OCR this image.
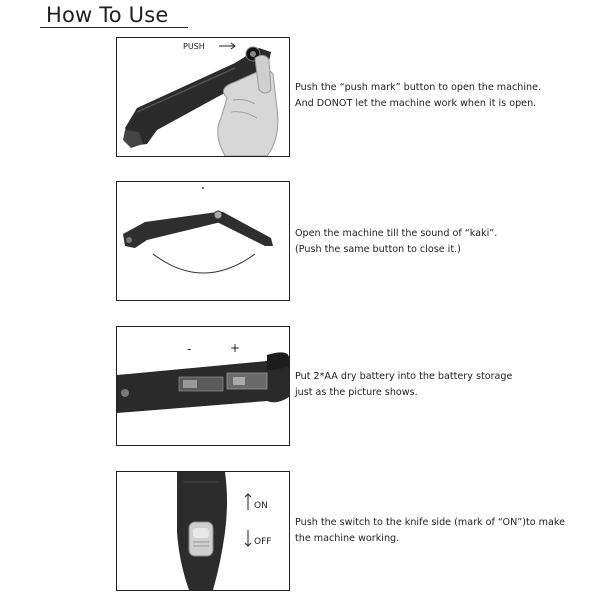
How To Use
PUSH
Push the “push mark” button to open the machine.
And DONOT let the machine work when it is open.
Open the machine till the sound of “kaki”.
(Push the same button to close it.)
-	+
Put 2*AA dry battery into the battery storage
just as the picture shows.
ON
OFF
Push the switch to the knife side (mark of “ON”)to make
the machine working.
